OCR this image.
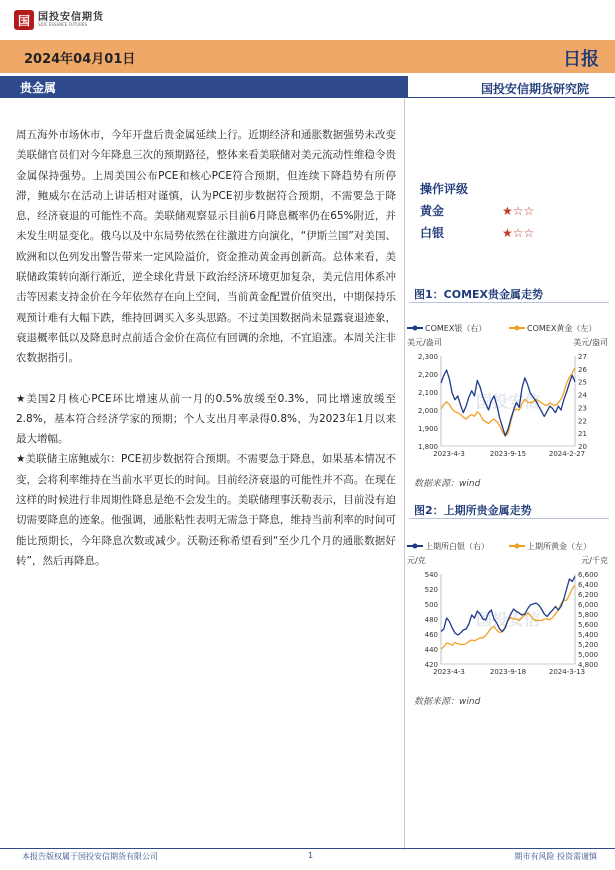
国 国投安信期货
SDIC ESSENCE FUTURES
2024年04月01日	日报
贵金属	国投安信期货研究院

周五海外市场休市，今年开盘后贵金属延续上行。近期经济和通胀数据强势未改变美联储官员们对今年降息三次的预期路径，整体来看美联储对美元流动性维稳令贵金属保持强势。上周美国公布PCE和核心PCE符合预期，但连续下降趋势有所停滞，鲍威尔在活动上讲话相对谨慎，认为PCE初步数据符合预期，不需要急于降息，经济衰退的可能性不高。美联储观察显示目前6月降息概率仍在65%附近，并未发生明显变化。俄乌以及中东局势依然在往激进方向演化，“伊斯兰国”对美国、欧洲和以色列发出警告带来一定风险溢价，资金推动黄金再创新高。总体来看，美联储政策转向渐行渐近，逆全球化背景下政治经济环境更加复杂，美元信用体系冲击等因素支持金价在今年依然存在向上空间，当前黄金配置价值突出，中期保持乐观预计难有大幅下跌，维持回调买入多头思路。不过美国数据尚未显露衰退迹象，衰退概率低以及降息时点前适合金价在高位有回调的余地，不宜追涨。本周关注非农数据指引。

★美国2月核心PCE环比增速从前一月的0.5%放缓至0.3%，同比增速放缓至2.8%，基本符合经济学家的预期；个人支出月率录得0.8%，为2023年1月以来最大增幅。

★美联储主席鲍威尔：PCE初步数据符合预期。不需要急于降息，如果基本情况不变，会将利率维持在当前水平更长的时间。目前经济衰退的可能性并不高。在现在这样的时候进行非周期性降息是绝不会发生的。美联储理事沃勒表示，目前没有迫切需要降息的迹象。他强调，通胀粘性表明无需急于降息，维持当前利率的时间可能比预期长，今年降息次数或减少。沃勒还称希望看到“至少几个月的通胀数据好转”，然后再降息。

操作评级
黄金	★☆☆
白银	★☆☆
图1：COMEX贵金属走势
COMEX银（右）	COMEX黄金（左）
美元/盎司	美元/盎司
国投安信
1,800
1,900
2,000
2,100
2,200
2,300
20
21
22
23
24
25
26
27
2023-4-3	2023-9-15	2024-2-27
数据来源：wind
图2：上期所贵金属走势
上期所白银（右）	上期所黄金（左）
元/克	元/千克
国投安信
420
440
460
480
500
520
540
4,800
5,000
5,200
5,400
5,600
5,800
6,000
6,200
6,400
6,600
2023-4-3	2023-9-18	2024-3-13
数据来源：wind
本报告版权属于国投安信期货有限公司	1	期市有风险 投资需谨慎
